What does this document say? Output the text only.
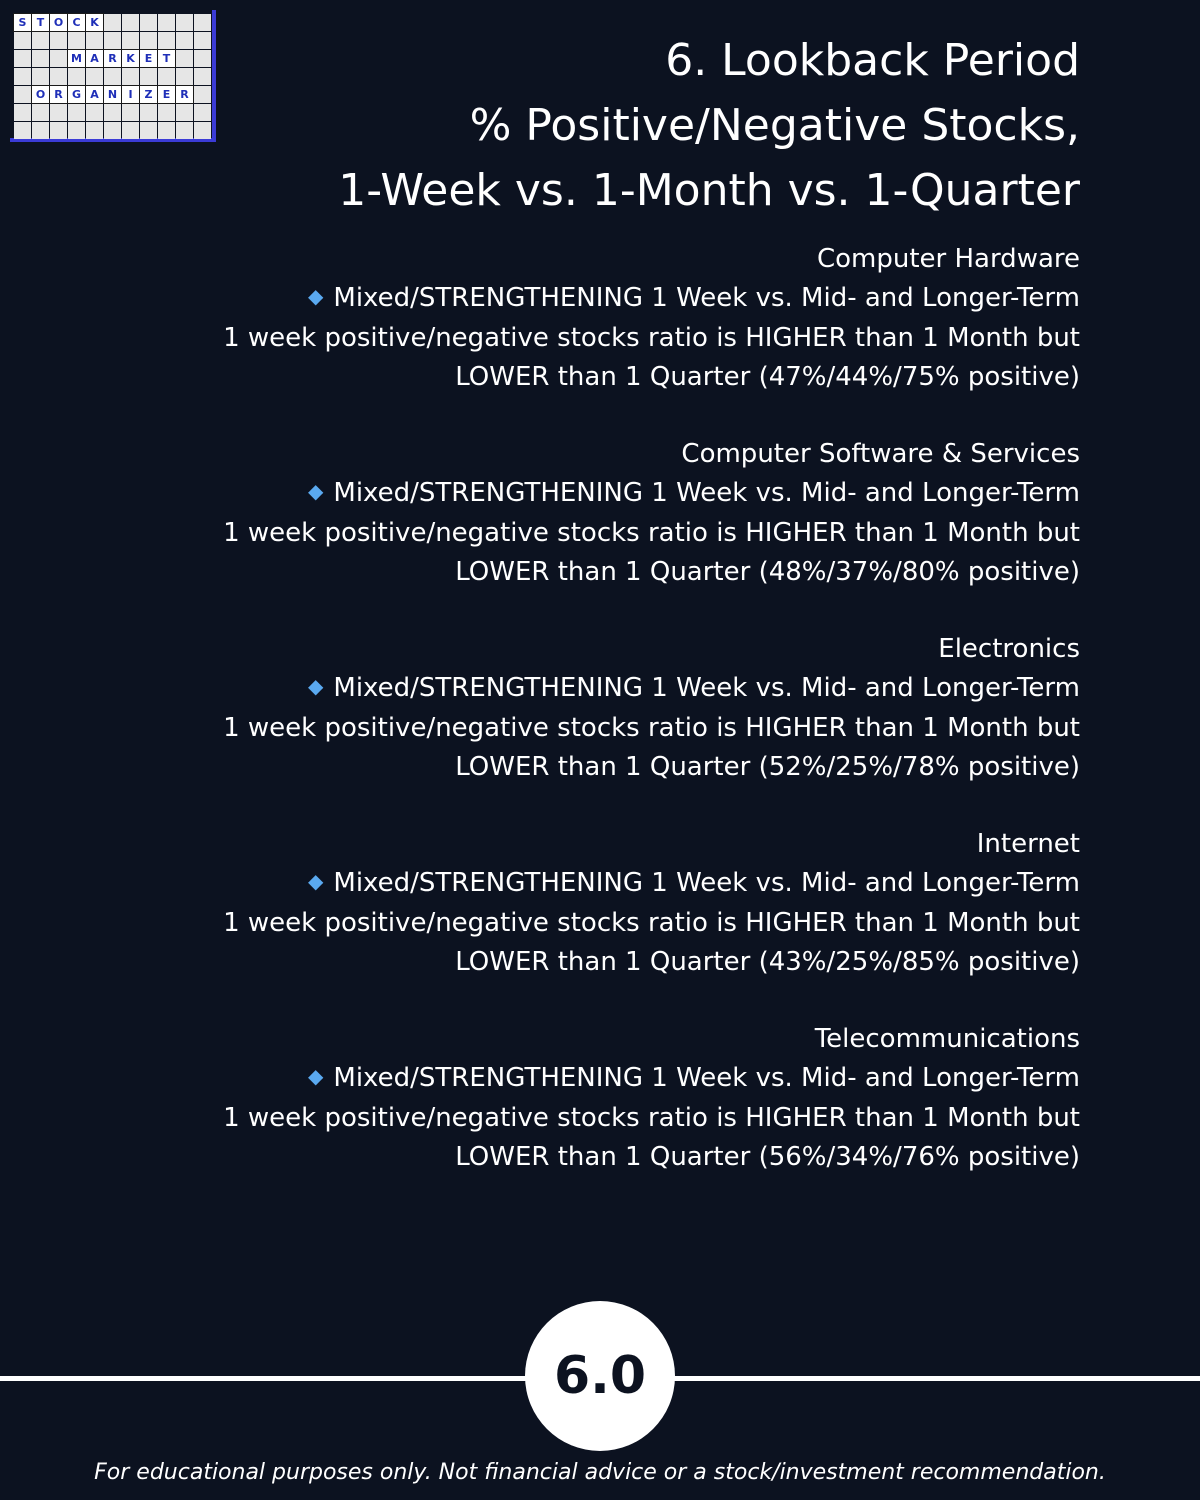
S T O C K
M A R K E T
O R G A N	I	Z E R
6. Lookback Period
% Positive/Negative Stocks,
1-Week vs. 1-Month vs. 1-Quarter
Computer Hardware
◆ Mixed/STRENGTHENING 1 Week vs. Mid- and Longer-Term
1 week positive/negative stocks ratio is HIGHER than 1 Month but
LOWER than 1 Quarter (47%/44%/75% positive)
Computer Software & Services
◆ Mixed/STRENGTHENING 1 Week vs. Mid- and Longer-Term
1 week positive/negative stocks ratio is HIGHER than 1 Month but
LOWER than 1 Quarter (48%/37%/80% positive)
Electronics
◆ Mixed/STRENGTHENING 1 Week vs. Mid- and Longer-Term
1 week positive/negative stocks ratio is HIGHER than 1 Month but
LOWER than 1 Quarter (52%/25%/78% positive)
Internet
◆ Mixed/STRENGTHENING 1 Week vs. Mid- and Longer-Term
1 week positive/negative stocks ratio is HIGHER than 1 Month but
LOWER than 1 Quarter (43%/25%/85% positive)
Telecommunications
◆ Mixed/STRENGTHENING 1 Week vs. Mid- and Longer-Term
1 week positive/negative stocks ratio is HIGHER than 1 Month but
LOWER than 1 Quarter (56%/34%/76% positive)
6.0
For educational purposes only. Not financial advice or a stock/investment recommendation.
